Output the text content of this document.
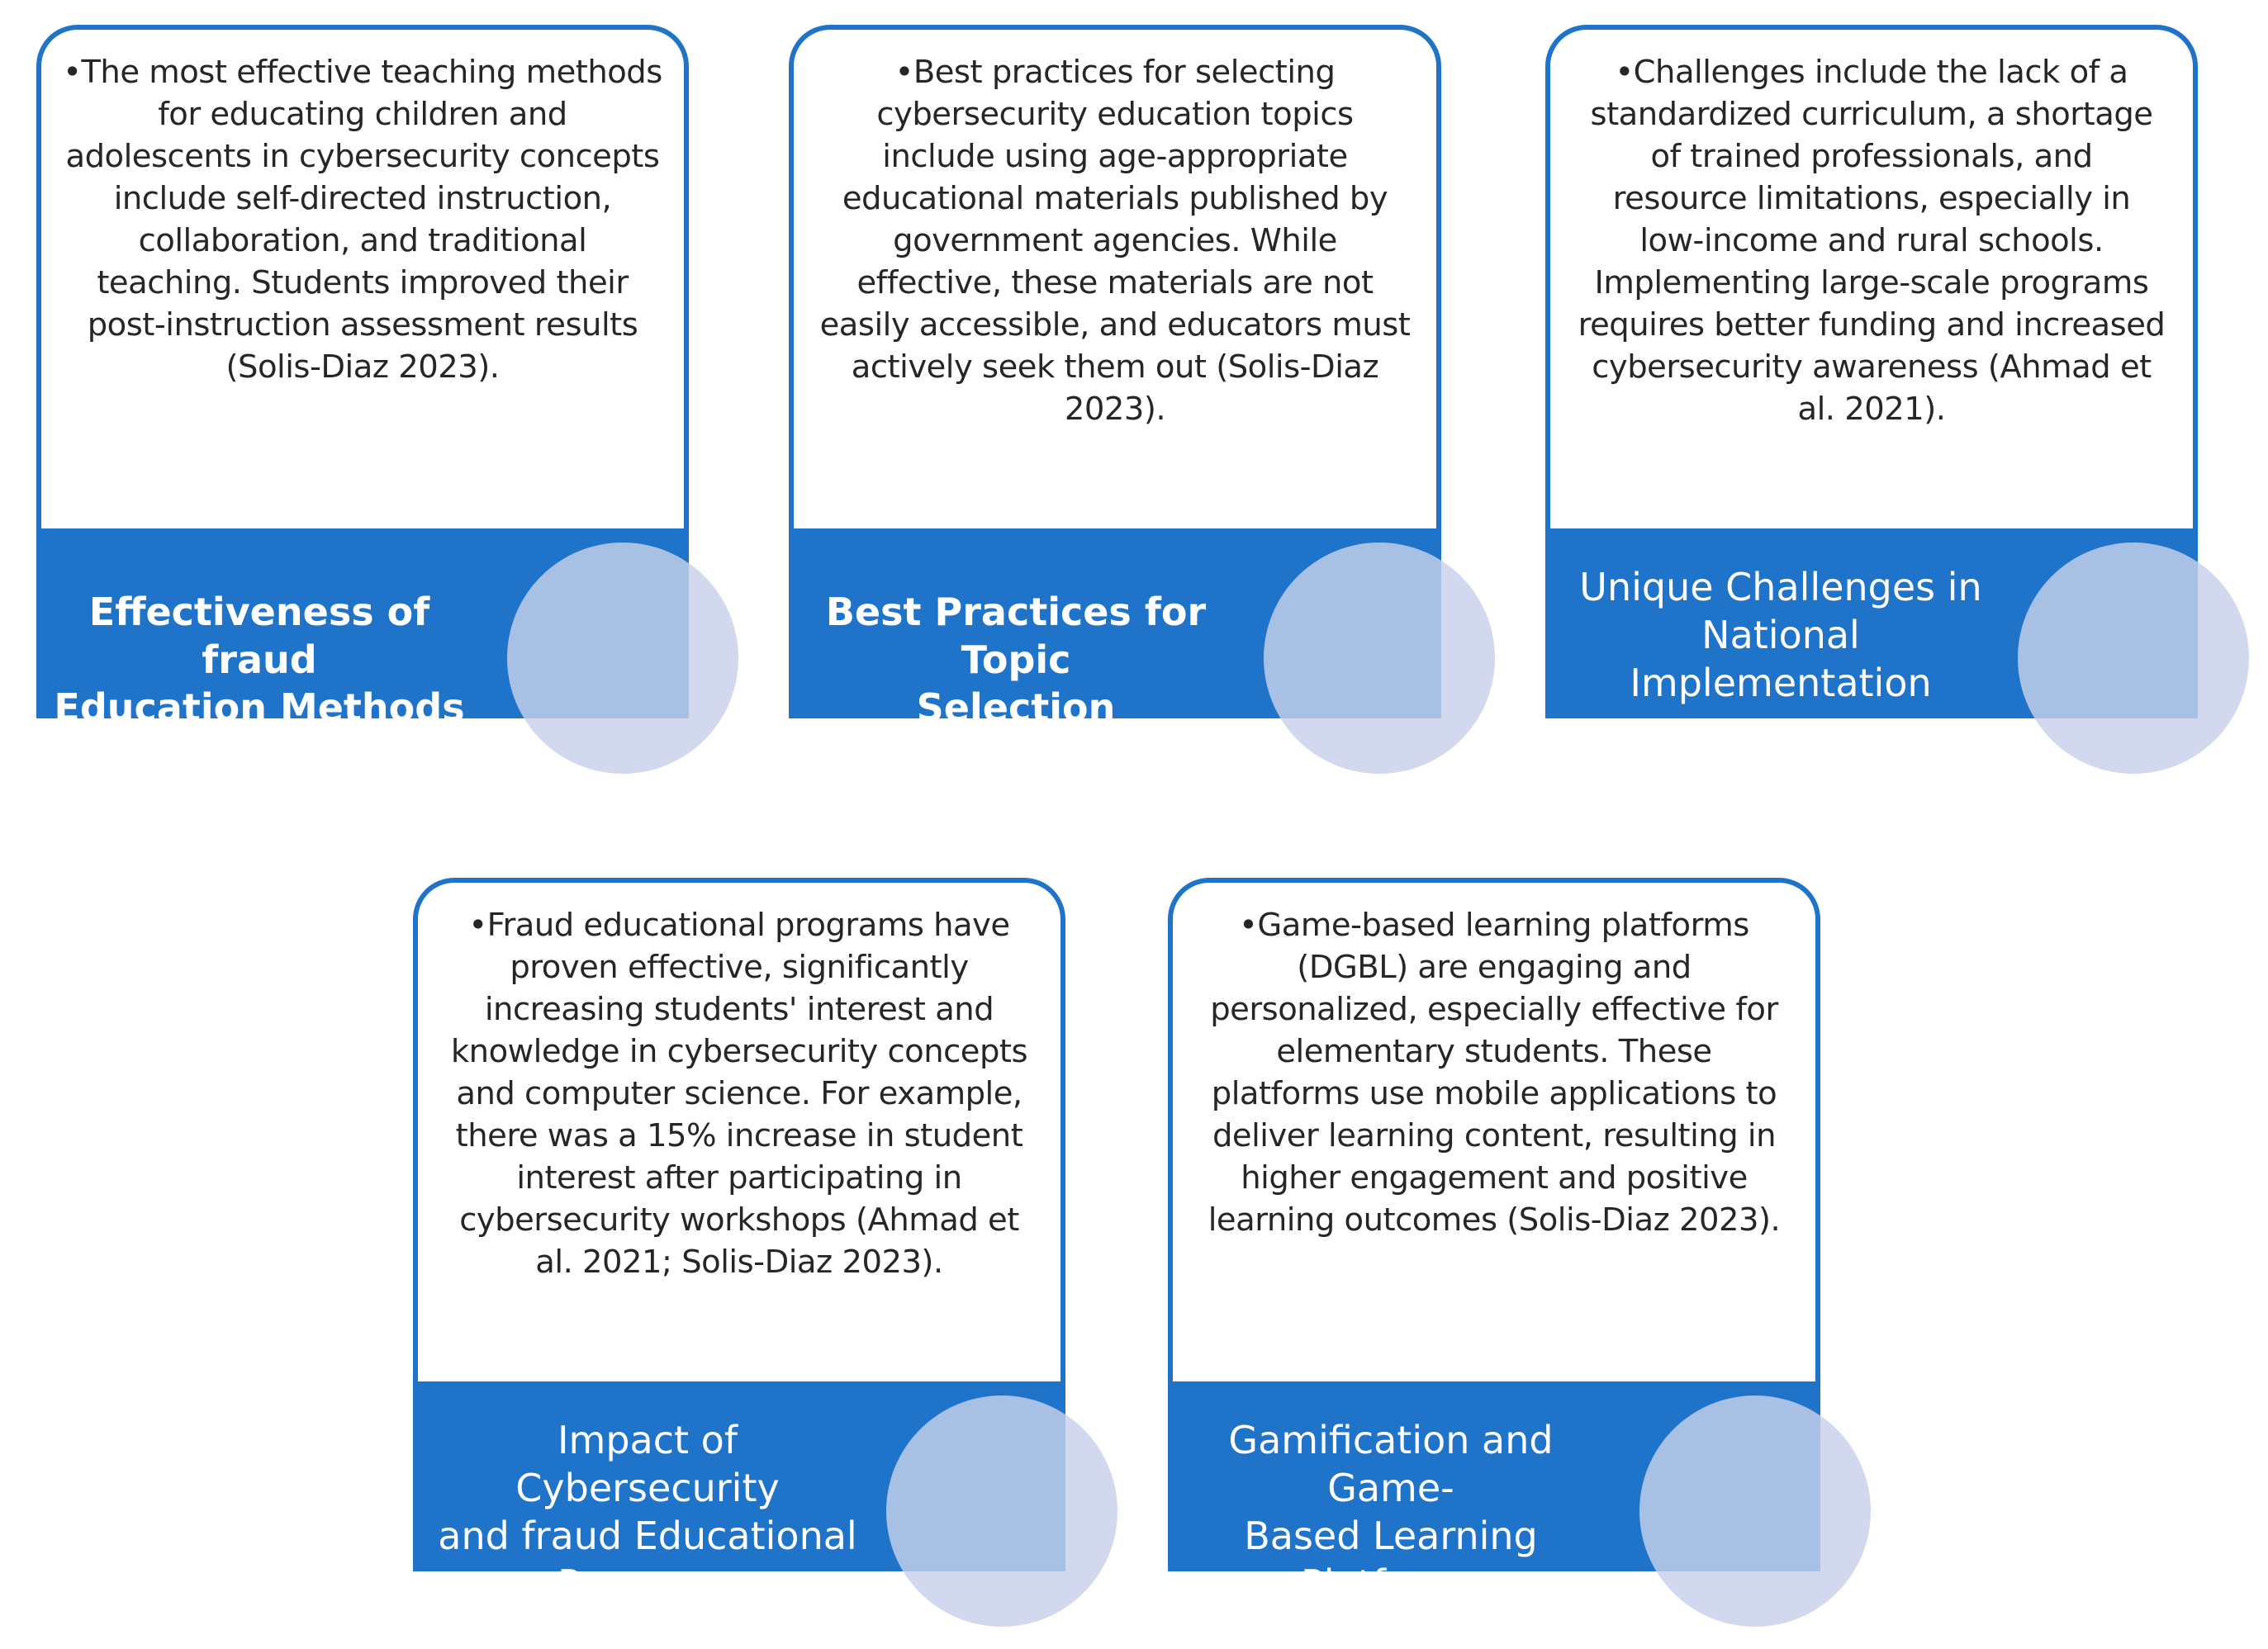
•The most effective teaching methods
for educating children and
adolescents in cybersecurity concepts
include self-directed instruction,
collaboration, and traditional
teaching. Students improved their
post-instruction assessment results
(Solis-Diaz 2023).

Effectiveness of fraud
Education Methods

•Best practices for selecting
cybersecurity education topics
include using age-appropriate
educational materials published by
government agencies. While
effective, these materials are not
easily accessible, and educators must
actively seek them out (Solis-Diaz
2023).

Best Practices for Topic
Selection

•Challenges include the lack of a
standardized curriculum, a shortage
of trained professionals, and
resource limitations, especially in
low-income and rural schools.
Implementing large-scale programs
requires better funding and increased
cybersecurity awareness (Ahmad et
al. 2021).

Unique Challenges in
National
Implementation

•Fraud educational programs have
proven effective, significantly
increasing students' interest and
knowledge in cybersecurity concepts
and computer science. For example,
there was a 15% increase in student
interest after participating in
cybersecurity workshops (Ahmad et
al. 2021; Solis-Diaz 2023).

Impact of Cybersecurity
and fraud Educational
Programs

•Game-based learning platforms
(DGBL) are engaging and
personalized, especially effective for
elementary students. These
platforms use mobile applications to
deliver learning content, resulting in
higher engagement and positive
learning outcomes (Solis-Diaz 2023).

Gamification and Game-
Based Learning
Platforms
